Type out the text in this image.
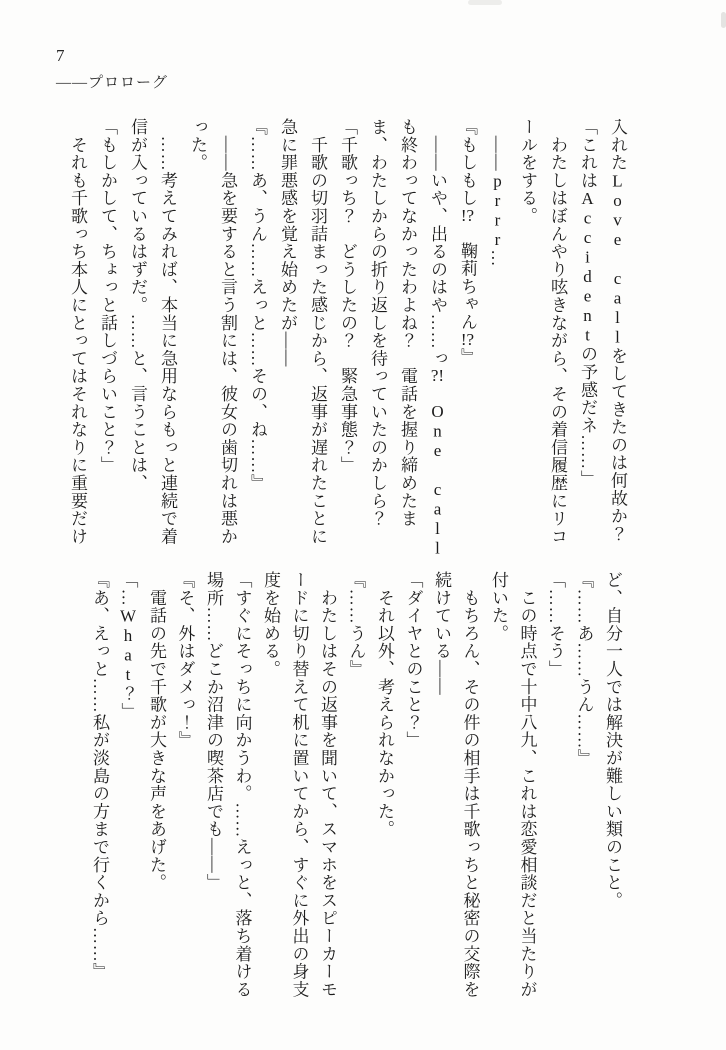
7
——プロローグ
入れたLove callをしてきたのは何故か？
「これはAccidentの予感だネ……」
　わたしはぼんやり呟きながら、その着信履歴にリコ
ールをする。
　——prrr…
『もしもし!?　鞠莉ちゃん!?』
　——いや、出るのはや……っ?!　One call
も終わってなかったわよね？　電話を握り締めたま
ま、わたしからの折り返しを待っていたのかしら？
「千歌っち？　どうしたの？　緊急事態？」
　千歌の切羽詰まった感じから、返事が遅れたことに
急に罪悪感を覚え始めたが——
『……あ、うん……えっと……その、ね……』
　——急を要すると言う割には、彼女の歯切れは悪か
った。
　……考えてみれば、本当に急用ならもっと連続で着
信が入っているはずだ。……と、言うことは、
「もしかして、ちょっと話しづらいこと？」
　それも千歌っち本人にとってはそれなりに重要だけ
ど、自分一人では解決が難しい類のこと。
『……あ……うん……』
「……そう」
　この時点で十中八九、これは恋愛相談だと当たりが
付いた。
　もちろん、その件の相手は千歌っちと秘密の交際を
続けている——
「ダイヤとのこと？」
　それ以外、考えられなかった。
『……うん』
　わたしはその返事を聞いて、スマホをスピーカーモ
ードに切り替えて机に置いてから、すぐに外出の身支
度を始める。
「すぐにそっちに向かうわ。……えっと、落ち着ける
場所……どこか沼津の喫茶店でも——」
『そ、外はダメっ！』
　電話の先で千歌が大きな声をあげた。
「…What？」
『あ、えっと……私が淡島の方まで行くから……』
